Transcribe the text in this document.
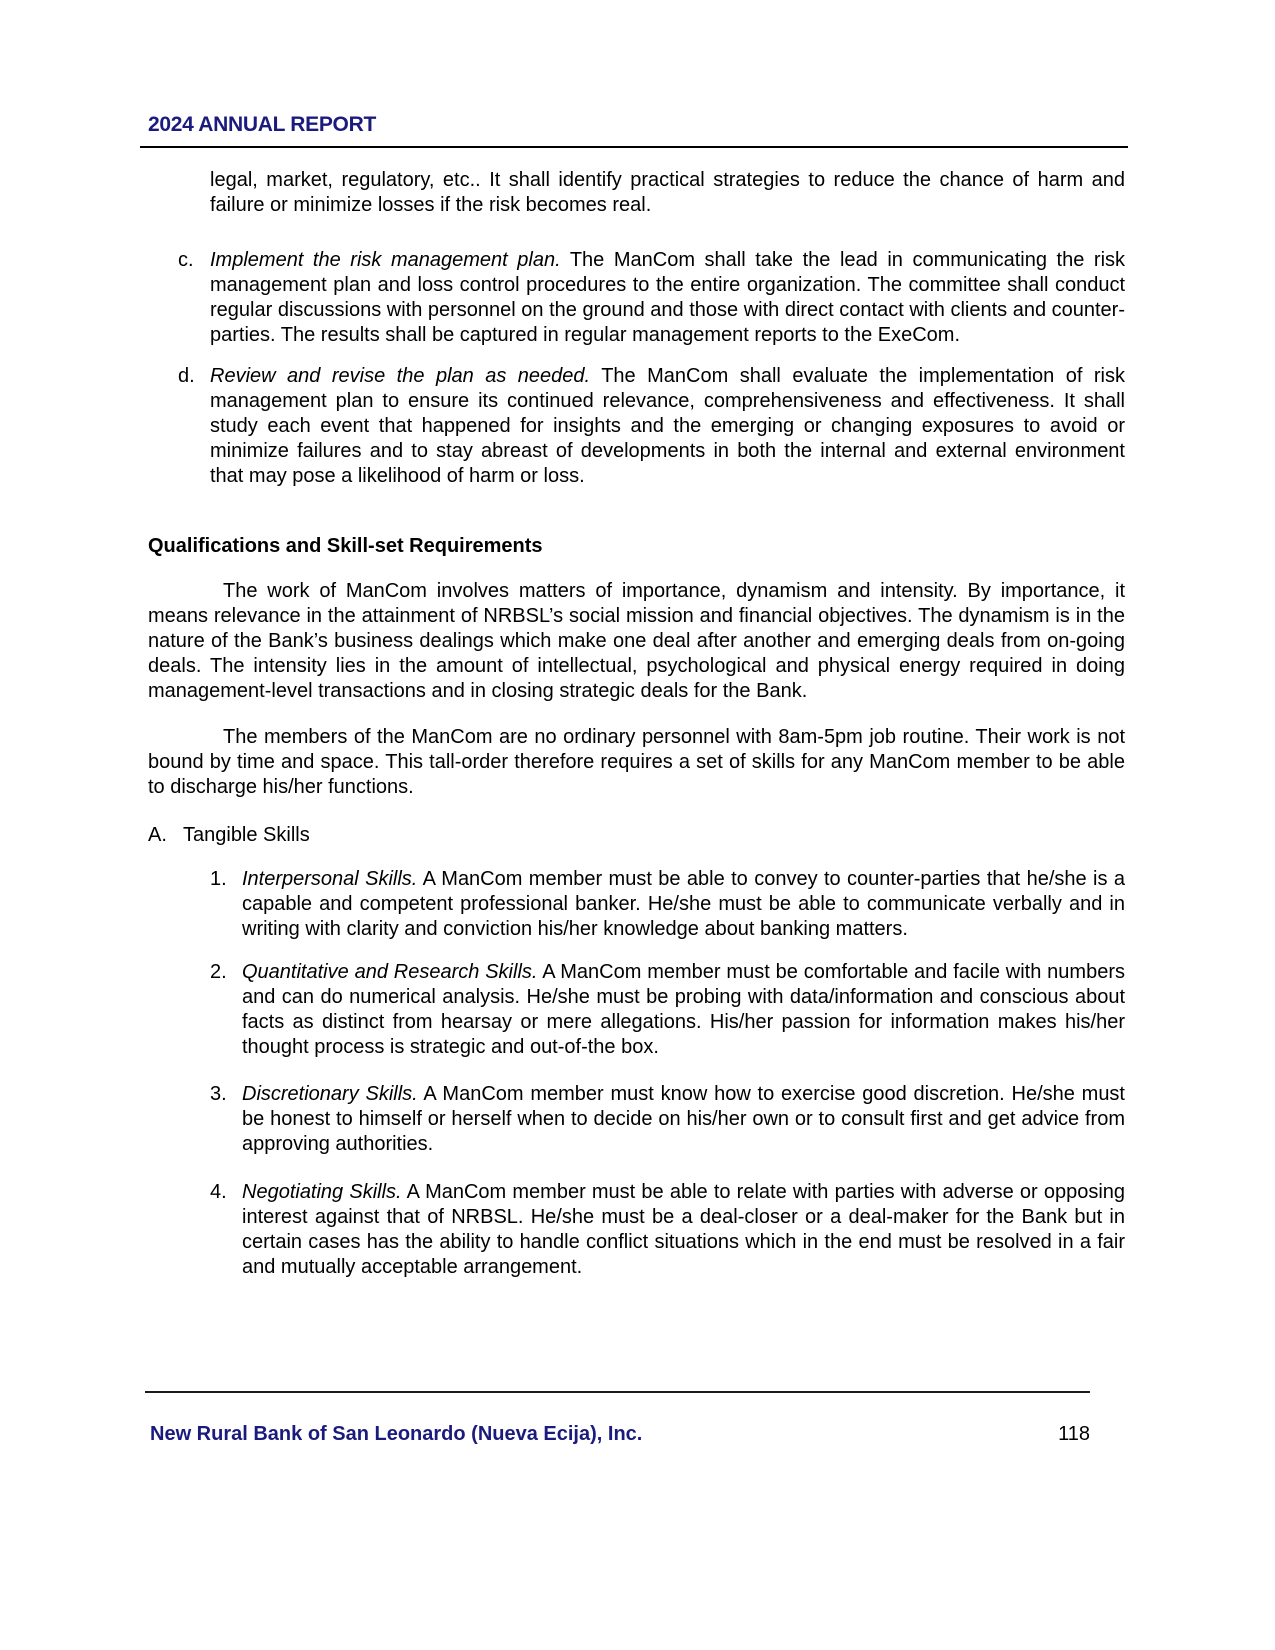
2024 ANNUAL REPORT

legal, market, regulatory, etc.. It shall identify practical strategies to reduce the chance of harm and failure or minimize losses if the risk becomes real.

c. Implement the risk management plan. The ManCom shall take the lead in communicating the risk management plan and loss control procedures to the entire organization. The committee shall conduct regular discussions with personnel on the ground and those with direct contact with clients and counter-parties. The results shall be captured in regular management reports to the ExeCom.
d. Review and revise the plan as needed. The ManCom shall evaluate the implementation of risk management plan to ensure its continued relevance, comprehensiveness and effectiveness. It shall study each event that happened for insights and the emerging or changing exposures to avoid or minimize failures and to stay abreast of developments in both the internal and external environment that may pose a likelihood of harm or loss.
Qualifications and Skill-set Requirements

The work of ManCom involves matters of importance, dynamism and intensity. By importance, it means relevance in the attainment of NRBSL’s social mission and financial objectives. The dynamism is in the nature of the Bank’s business dealings which make one deal after another and emerging deals from on-going deals. The intensity lies in the amount of intellectual, psychological and physical energy required in doing management-level transactions and in closing strategic deals for the Bank.

The members of the ManCom are no ordinary personnel with 8am-5pm job routine. Their work is not bound by time and space. This tall-order therefore requires a set of skills for any ManCom member to be able to discharge his/her functions.

A. Tangible Skills
1. Interpersonal Skills. A ManCom member must be able to convey to counter-parties that he/she is a capable and competent professional banker. He/she must be able to communicate verbally and in writing with clarity and conviction his/her knowledge about banking matters.
2. Quantitative and Research Skills. A ManCom member must be comfortable and facile with numbers and can do numerical analysis. He/she must be probing with data/information and conscious about facts as distinct from hearsay or mere allegations. His/her passion for information makes his/her thought process is strategic and out-of-the box.
3. Discretionary Skills. A ManCom member must know how to exercise good discretion. He/she must be honest to himself or herself when to decide on his/her own or to consult first and get advice from approving authorities.
4. Negotiating Skills. A ManCom member must be able to relate with parties with adverse or opposing interest against that of NRBSL. He/she must be a deal-closer or a deal-maker for the Bank but in certain cases has the ability to handle conflict situations which in the end must be resolved in a fair and mutually acceptable arrangement.
New Rural Bank of San Leonardo (Nueva Ecija), Inc.	118
